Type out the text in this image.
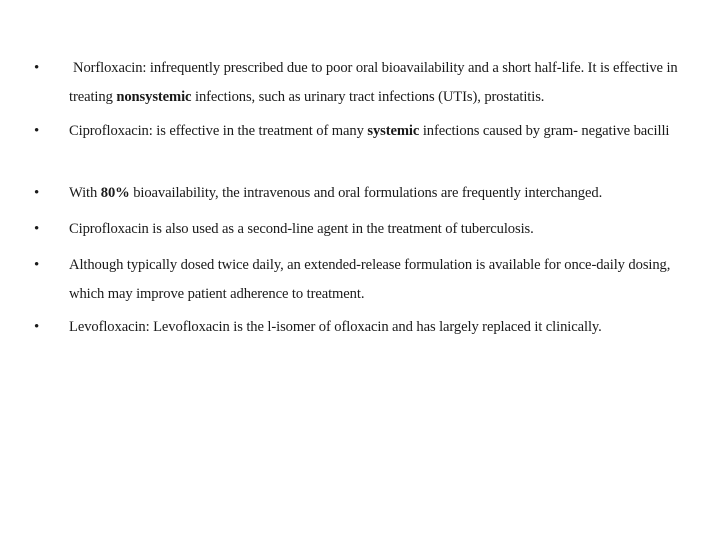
• Norfloxacin: infrequently prescribed due to poor oral bioavailability and a short half-life. It is effective in treating nonsystemic infections, such as urinary tract infections (UTIs), prostatitis.
• Ciprofloxacin: is effective in the treatment of many systemic infections caused by gram- negative bacilli
• With 80% bioavailability, the intravenous and oral formulations are frequently interchanged.
• Ciprofloxacin is also used as a second-line agent in the treatment of tuberculosis.
• Although typically dosed twice daily, an extended-release formulation is available for once-daily dosing, which may improve patient adherence to treatment.
• Levofloxacin: Levofloxacin is the l-isomer of ofloxacin and has largely replaced it clinically.
